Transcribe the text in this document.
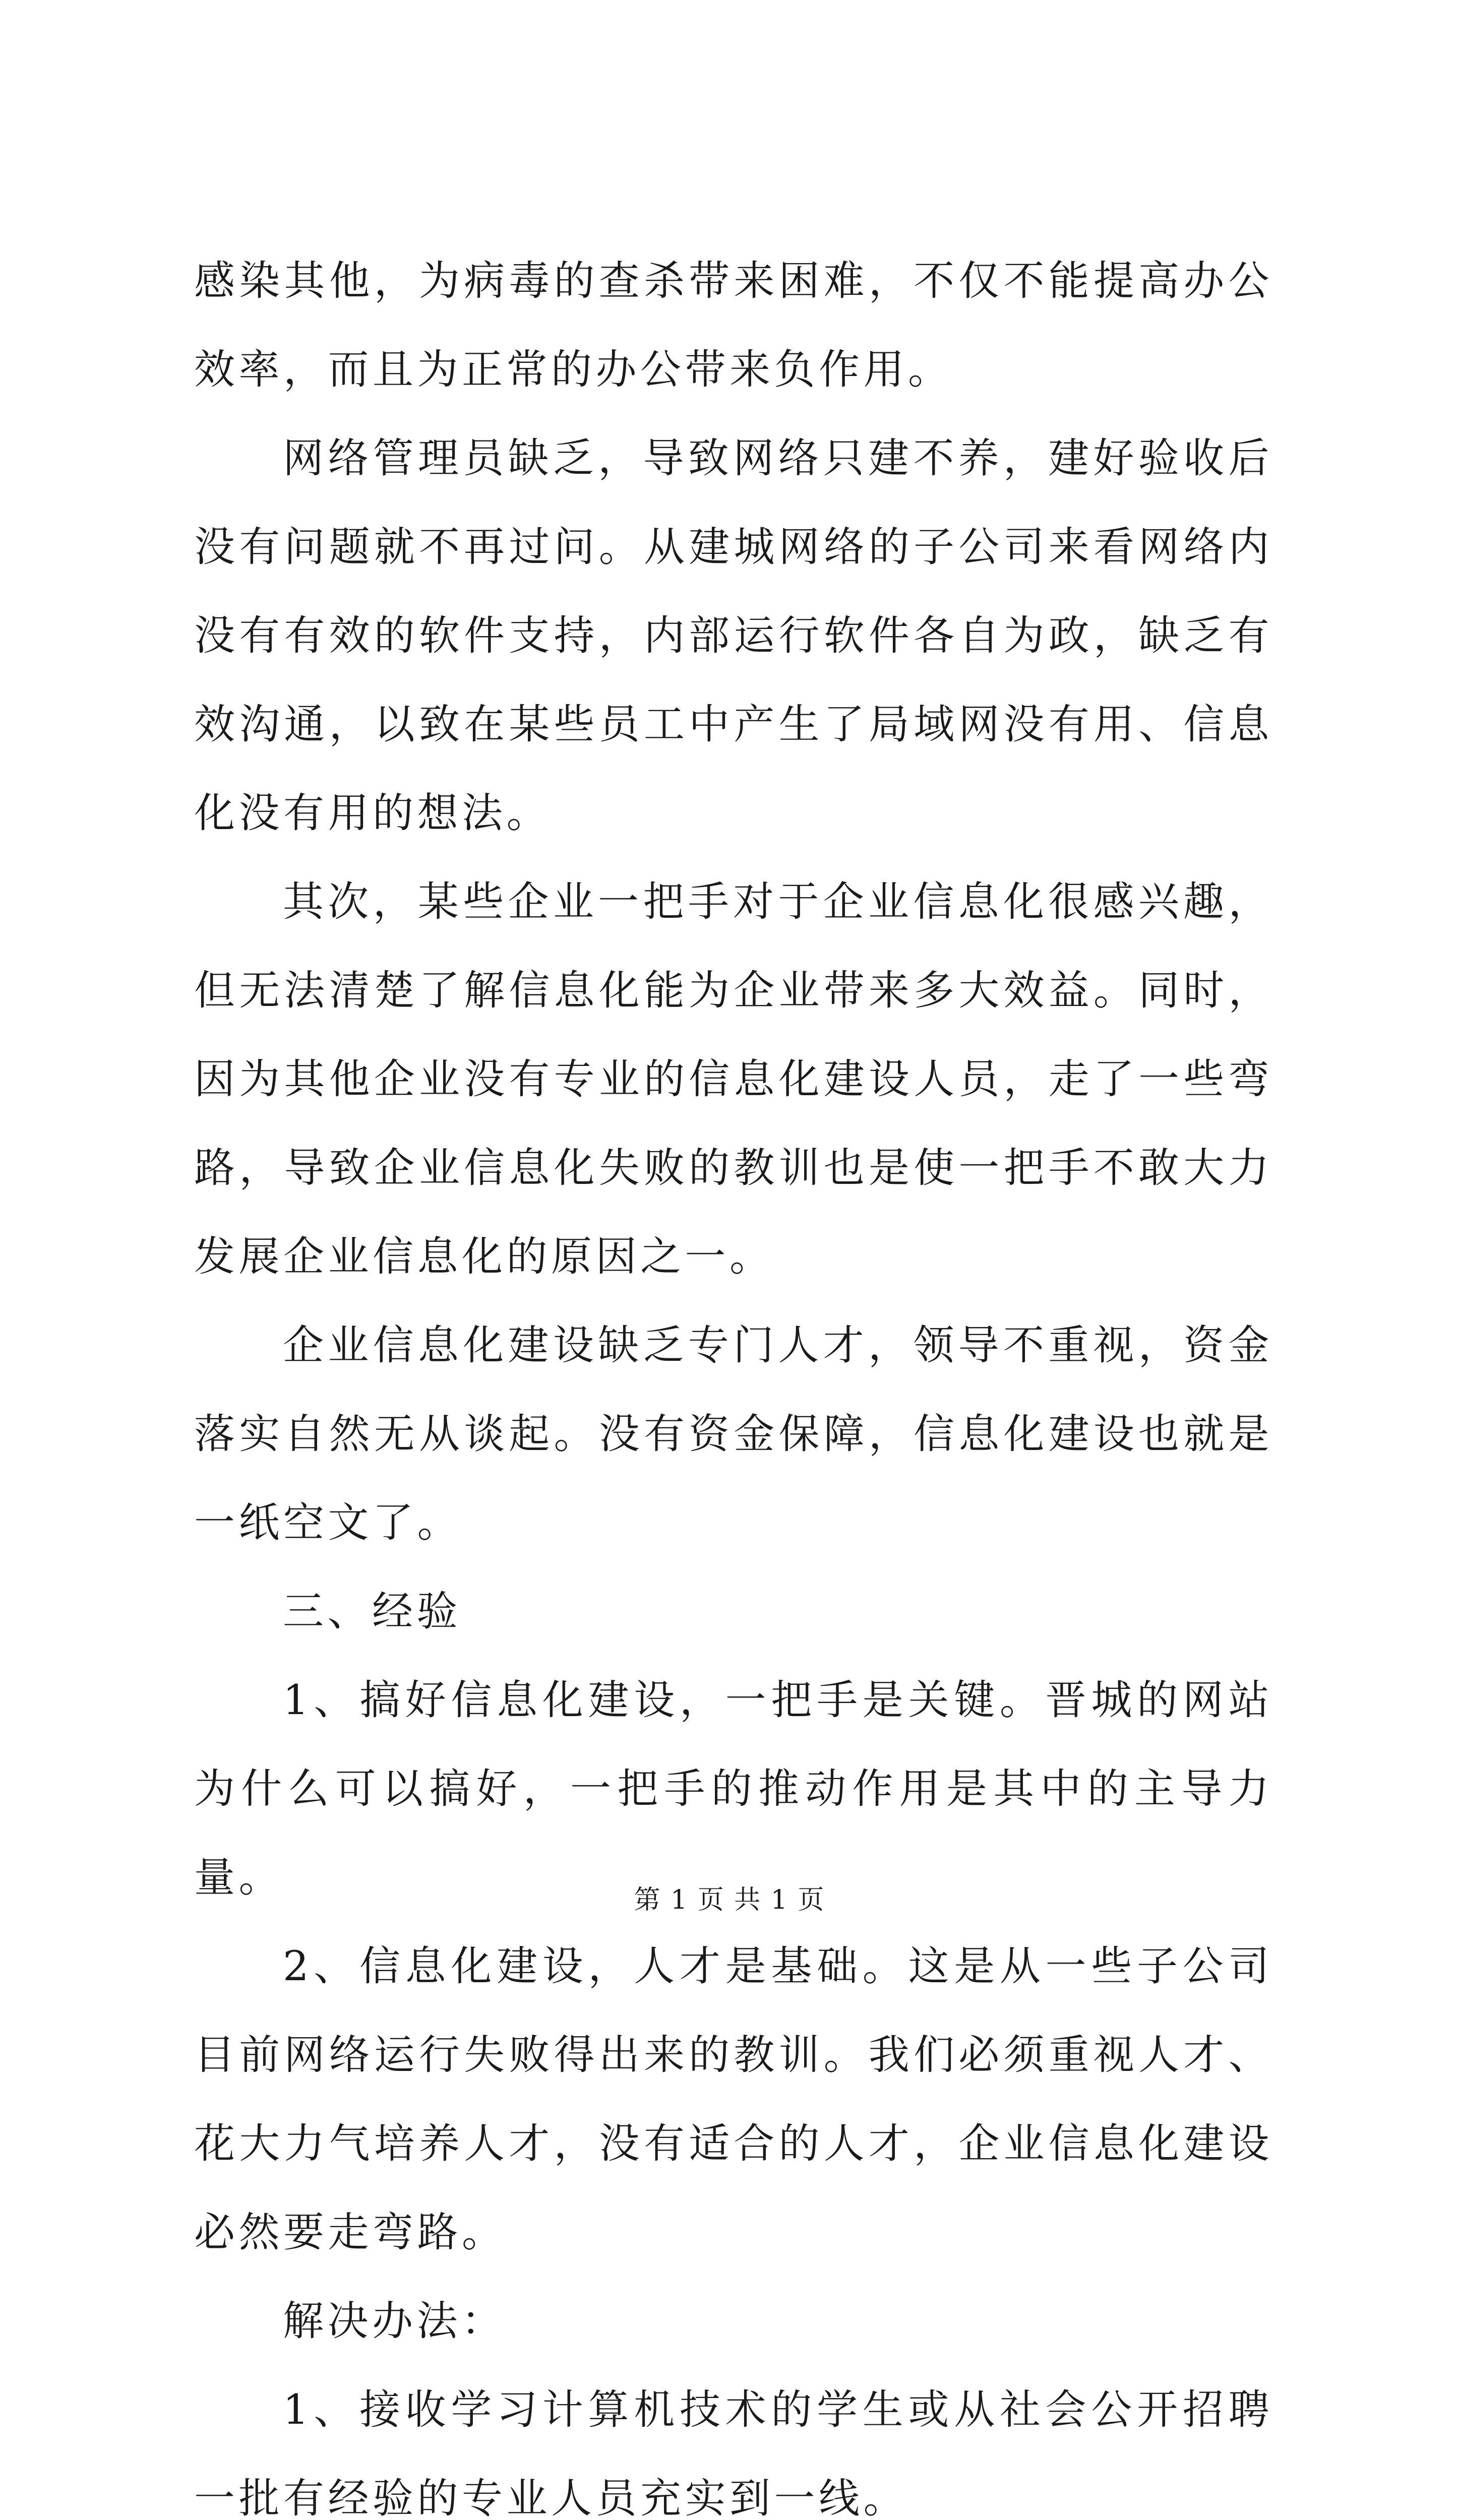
感染其他，为病毒的查杀带来困难，不仅不能提高办公效率，而且为正常的办公带来负作用。

网络管理员缺乏，导致网络只建不养，建好验收后没有问题就不再过问。从建城网络的子公司来看网络内没有有效的软件支持，内部运行软件各自为政，缺乏有效沟通，以致在某些员工中产生了局域网没有用、信息化没有用的想法。

其次，某些企业一把手对于企业信息化很感兴趣，但无法清楚了解信息化能为企业带来多大效益。同时，因为其他企业没有专业的信息化建设人员，走了一些弯路，导致企业信息化失败的教训也是使一把手不敢大力发展企业信息化的原因之一。

企业信息化建设缺乏专门人才，领导不重视，资金落实自然无从谈起。没有资金保障，信息化建设也就是一纸空文了。

三、经验

1、搞好信息化建设，一把手是关键。晋城的网站为什么可以搞好，一把手的推动作用是其中的主导力量。

2、信息化建设，人才是基础。这是从一些子公司目前网络运行失败得出来的教训。我们必须重视人才、花大力气培养人才，没有适合的人才，企业信息化建设必然要走弯路。

解决办法：

1、接收学习计算机技术的学生或从社会公开招聘一批有经验的专业人员充实到一线。

第 1 页 共 1 页
